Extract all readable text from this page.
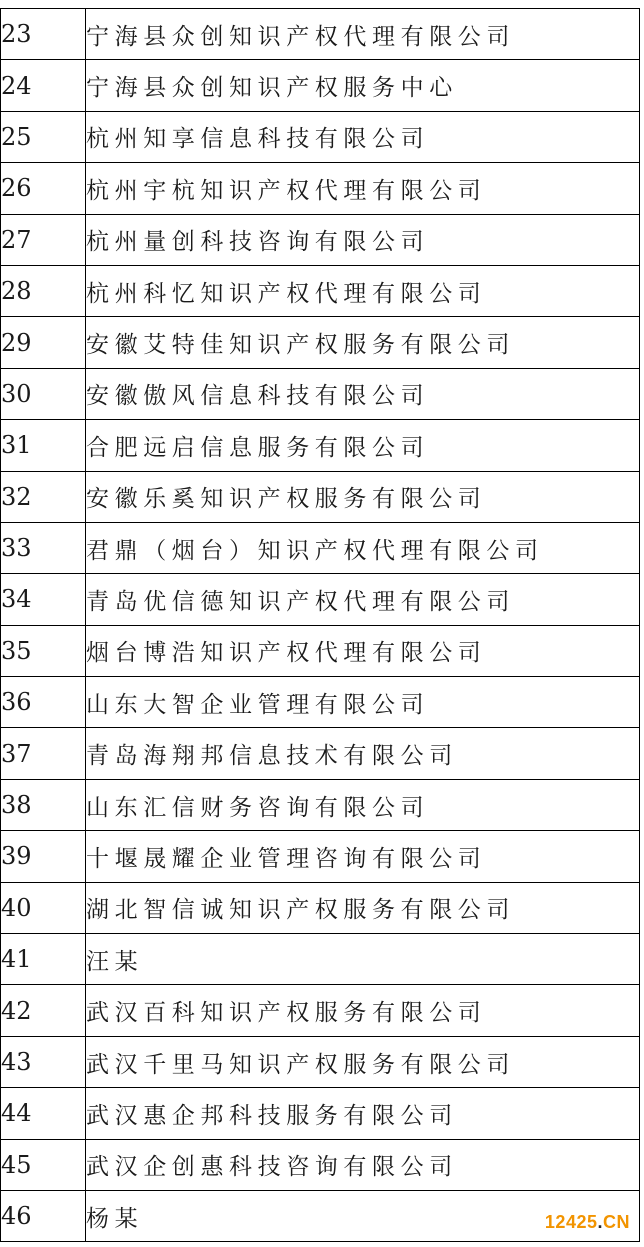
23	宁海县众创知识产权代理有限公司
24	宁海县众创知识产权服务中心
25	杭州知享信息科技有限公司
26	杭州宇杭知识产权代理有限公司
27	杭州量创科技咨询有限公司
28	杭州科忆知识产权代理有限公司
29	安徽艾特佳知识产权服务有限公司
30	安徽傲风信息科技有限公司
31	合肥远启信息服务有限公司
32	安徽乐奚知识产权服务有限公司
33	君鼎（烟台）知识产权代理有限公司
34	青岛优信德知识产权代理有限公司
35	烟台博浩知识产权代理有限公司
36	山东大智企业管理有限公司
37	青岛海翔邦信息技术有限公司
38	山东汇信财务咨询有限公司
39	十堰晟耀企业管理咨询有限公司
40	湖北智信诚知识产权服务有限公司
41	汪某
42	武汉百科知识产权服务有限公司
43	武汉千里马知识产权服务有限公司
44	武汉惠企邦科技服务有限公司
45	武汉企创惠科技咨询有限公司
46	杨某	12425.CN
